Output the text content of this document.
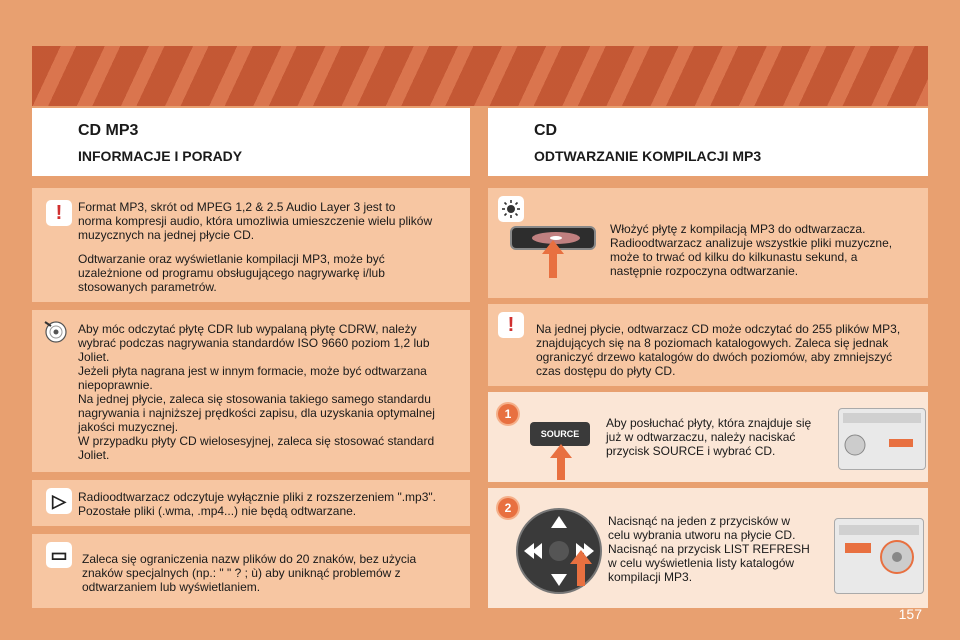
CD MP3
INFORMACJE I PORADY
CD
ODTWARZANIE KOMPILACJI MP3
!	Format MP3, skrót od MPEG 1,2 & 2.5 Audio Layer 3 jest to
norma kompresji audio, która umozliwia umieszczenie wielu plików
muzycznych na jednej płycie CD.
Odtwarzanie oraz wyświetlanie kompilacji MP3, może być
uzależnione od programu obsługującego nagrywarkę i/lub
stosowanych parametrów.
Aby móc odczytać płytę CDR lub wypalaną płytę CDRW, należy
wybrać podczas nagrywania standardów ISO 9660 poziom 1,2 lub
Joliet.
Jeżeli płyta nagrana jest w innym formacie, może być odtwarzana
niepoprawnie.
Na jednej płycie, zaleca się stosowania takiego samego standardu
nagrywania i najniższej prędkości zapisu, dla uzyskania optymalnej
jakości muzycznej.
W przypadku płyty CD wielosesyjnej, zaleca się stosować standard
Joliet.
▷	Radioodtwarzacz odczytuje wyłącznie pliki z rozszerzeniem ".mp3".
Pozostałe pliki (.wma, .mp4...) nie będą odtwarzane.
▭	Zaleca się ograniczenia nazw plików do 20 znaków, bez użycia
znaków specjalnych (np.: " " ? ; ù) aby uniknąć problemów z
odtwarzaniem lub wyświetlaniem.
Włożyć płytę z kompilacją MP3 do odtwarzacza.
Radioodtwarzacz analizuje wszystkie pliki muzyczne,
może to trwać od kilku do kilkunastu sekund, a
następnie rozpoczyna odtwarzanie.
!	Na jednej płycie, odtwarzacz CD może odczytać do 255 plików MP3,
znajdujących się na 8 poziomach katalogowych. Zaleca się jednak
ograniczyć drzewo katalogów do dwóch poziomów, aby zmniejszyć
czas dostępu do płyty CD.
1
SOURCE
Aby posłuchać płyty, która znajduje się
już w odtwarzaczu, należy naciskać
przycisk SOURCE i wybrać CD.
2
Nacisnąć na jeden z przycisków w
celu wybrania utworu na płycie CD.
Nacisnąć na przycisk LIST REFRESH
w celu wyświetlenia listy katalogów
kompilacji MP3.
157
